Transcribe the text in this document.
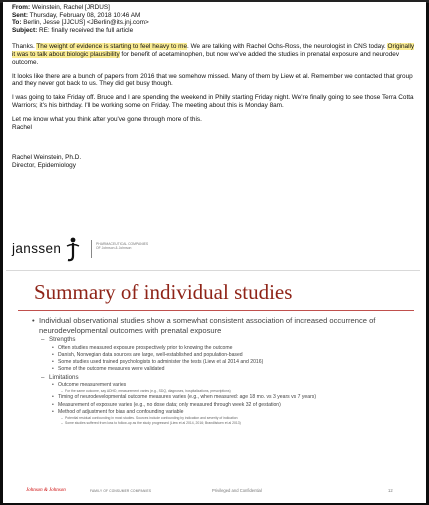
From: Weinstein, Rachel [JRDUS]
Sent: Thursday, February 08, 2018 10:46 AM
To: Berlin, Jesse [JJCUS] <JBerlin@its.jnj.com>
Subject: RE: finally received the full article

Thanks. The weight of evidence is starting to feel heavy to me. We are talking with Rachel Ochs-Ross, the neurologist in CNS today. Originally it was to talk about biologic plausibility for benefit of acetaminophen, but now we've added the studies in prenatal exposure and neurodev outcome.

It looks like there are a bunch of papers from 2016 that we somehow missed. Many of them by Liew et al. Remember we contacted that group and they never got back to us. They did get busy though.

I was going to take Friday off. Bruce and I are spending the weekend in Philly starting Friday night. We're finally going to see those Terra Cotta Warriors; it's his birthday. I'll be working some on Friday. The meeting about this is Monday 8am.

Let me know what you think after you've gone through more of this.
Rachel

Rachel Weinstein, Ph.D.
Director, Epidemiology
janssen	PHARMACEUTICAL COMPANIES
OF Johnson & Johnson
Summary of individual studies
• Individual observational studies show a somewhat consistent association of increased occurrence of neurodevelopmental outcomes with prenatal exposure
– Strengths
• Often studies measured exposure prospectively prior to knowing the outcome
• Danish, Norwegian data sources are large, well-established and population-based
• Some studies used trained psychologists to administer the tests (Liew et al 2014 and 2016)
• Some of the outcome measures were validated
– Limitations
• Outcome measurement varies
– For the same outcome, say ADHD, measurement varies (e.g., SDQ, diagnoses, hospitalizations, prescriptions)
• Timing of neurodevelopmental outcome measures varies (e.g., when measured: age 18 mo. vs 3 years vs 7 years)
• Measurement of exposure varies (e.g., no dose data; only measured through week 32 of gestation)
• Method of adjustment for bias and confounding variable
– Potential residual confounding in most studies. Sources include confounding by indication and severity of indication
– Some studies suffered from loss to follow-up as the study progressed (Liew et al 2014, 2016; Brandlistuen et al 2013)
Johnson & Johnson	FAMILY OF CONSUMER COMPANIES	Privileged and Confidential	12
